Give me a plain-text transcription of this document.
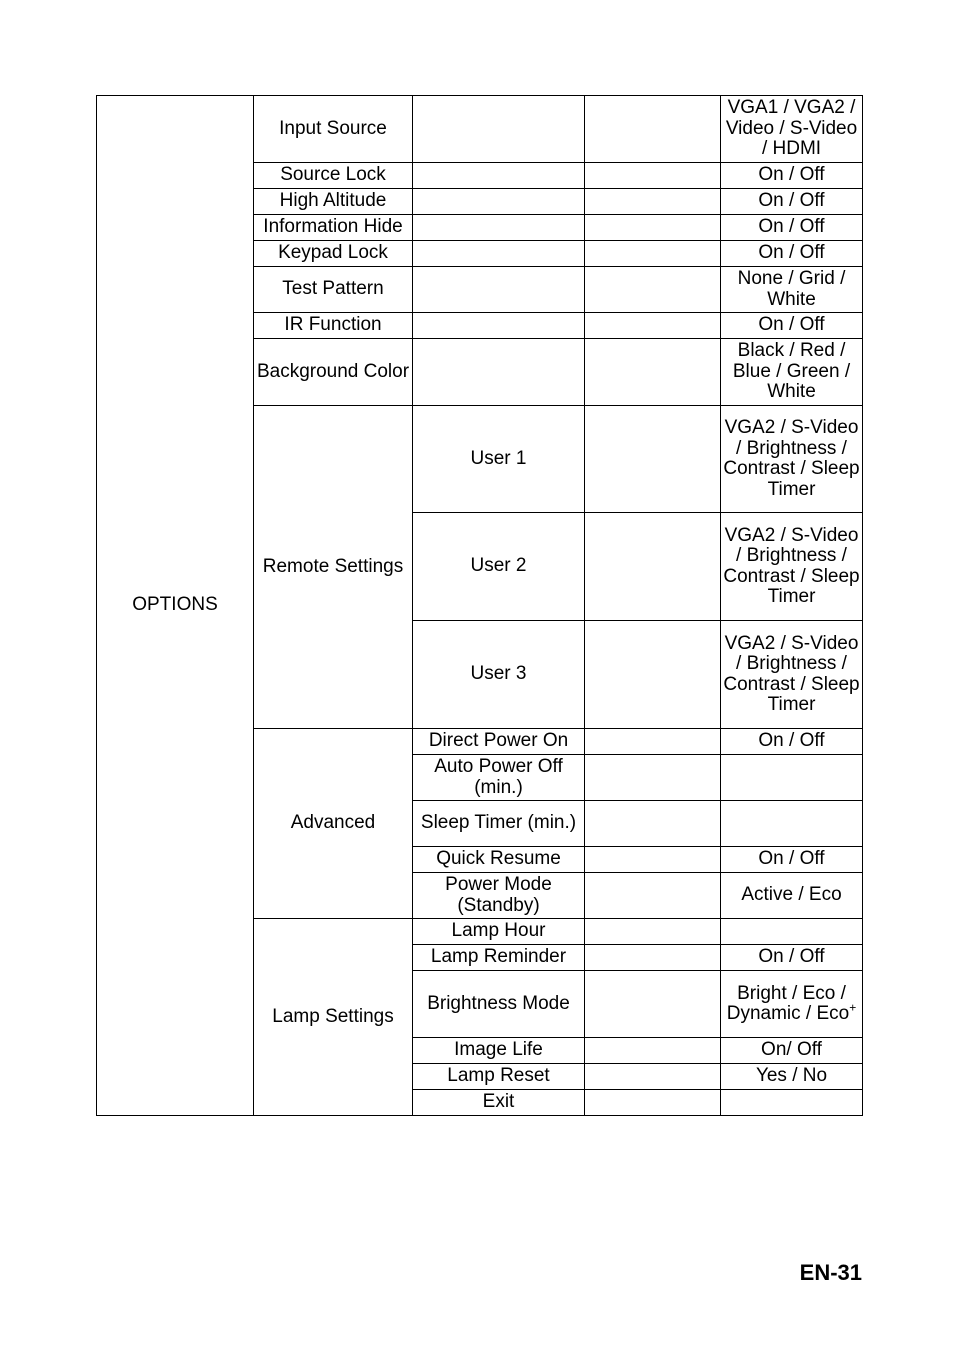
OPTIONS	Input Source			VGA1 / VGA2 / Video / S-Video / HDMI
	Source Lock			On / Off
	High Altitude			On / Off
	Information Hide			On / Off
	Keypad Lock			On / Off
	Test Pattern			None / Grid / White
	IR Function			On / Off
	Background Color			Black / Red / Blue / Green / White
	Remote Settings	User 1		VGA2 / S-Video / Brightness / Contrast / Sleep Timer
		User 2		VGA2 / S-Video / Brightness / Contrast / Sleep Timer
		User 3		VGA2 / S-Video / Brightness / Contrast / Sleep Timer
	Advanced	Direct Power On		On / Off
		Auto Power Off (min.)		
		Sleep Timer (min.)		
		Quick Resume		On / Off
		Power Mode (Standby)		Active / Eco
	Lamp Settings	Lamp Hour		
		Lamp Reminder		On / Off
		Brightness Mode		Bright / Eco / Dynamic / Eco+
		Image Life		On/ Off
		Lamp Reset		Yes / No
		Exit		
EN-31
